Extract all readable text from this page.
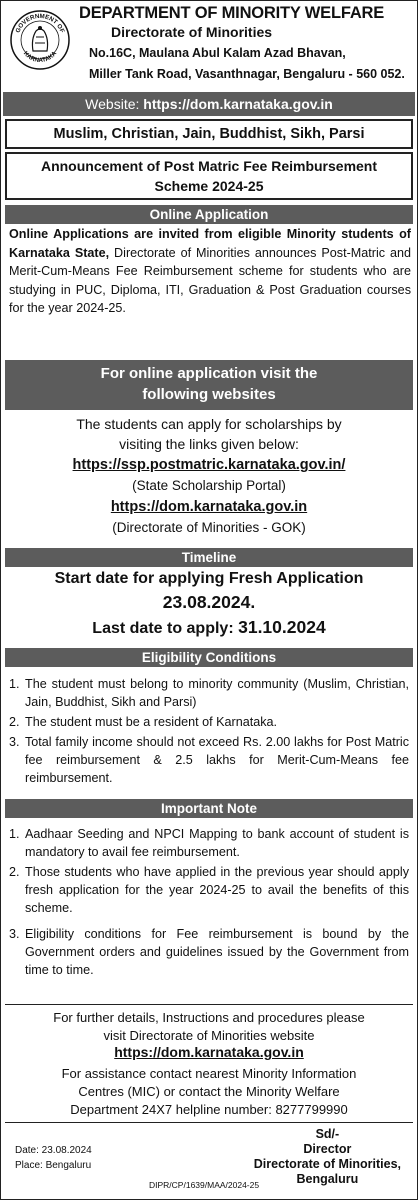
GOVERNMENT OF
KARNATAKA
DEPARTMENT OF MINORITY WELFARE
Directorate of Minorities
No.16C, Maulana Abul Kalam Azad Bhavan,
Miller Tank Road, Vasanthnagar, Bengaluru - 560 052.
Website: https://dom.karnataka.gov.in
Muslim, Christian, Jain, Buddhist, Sikh, Parsi
Announcement of Post Matric Fee Reimbursement
Scheme 2024-25
Online Application
Online Applications are invited from eligible Minority students of Karnataka State, Directorate of Minorities announces Post-Matric and Merit-Cum-Means Fee Reimbursement scheme for students who are studying in PUC, Diploma, ITI, Graduation & Post Graduation courses for the year 2024-25.
For online application visit the
following websites
The students can apply for scholarships by
visiting the links given below:
https://ssp.postmatric.karnataka.gov.in/
(State Scholarship Portal)
https://dom.karnataka.gov.in
(Directorate of Minorities - GOK)
Timeline
Start date for applying Fresh Application
23.08.2024.
Last date to apply: 31.10.2024
Eligibility Conditions
1. The student must belong to minority community (Muslim, Christian, Jain, Buddhist, Sikh and Parsi)
2. The student must be a resident of Karnataka.
3. Total family income should not exceed Rs. 2.00 lakhs for Post Matric fee reimbursement & 2.5 lakhs for Merit-Cum-Means fee reimbursement.
Important Note
1. Aadhaar Seeding and NPCI Mapping to bank account of student is mandatory to avail fee reimbursement.
2. Those students who have applied in the previous year should apply fresh application for the year 2024-25 to avail the benefits of this scheme.
3. Eligibility conditions for Fee reimbursement is bound by the Government orders and guidelines issued by the Government from time to time.
For further details, Instructions and procedures please
visit Directorate of Minorities website
https://dom.karnataka.gov.in
For assistance contact nearest Minority Information
Centres (MIC) or contact the Minority Welfare
Department 24X7 helpline number: 8277799990
Date: 23.08.2024
Place: Bengaluru
Sd/-
Director
Directorate of Minorities,
Bengaluru
DIPR/CP/1639/MAA/2024-25
